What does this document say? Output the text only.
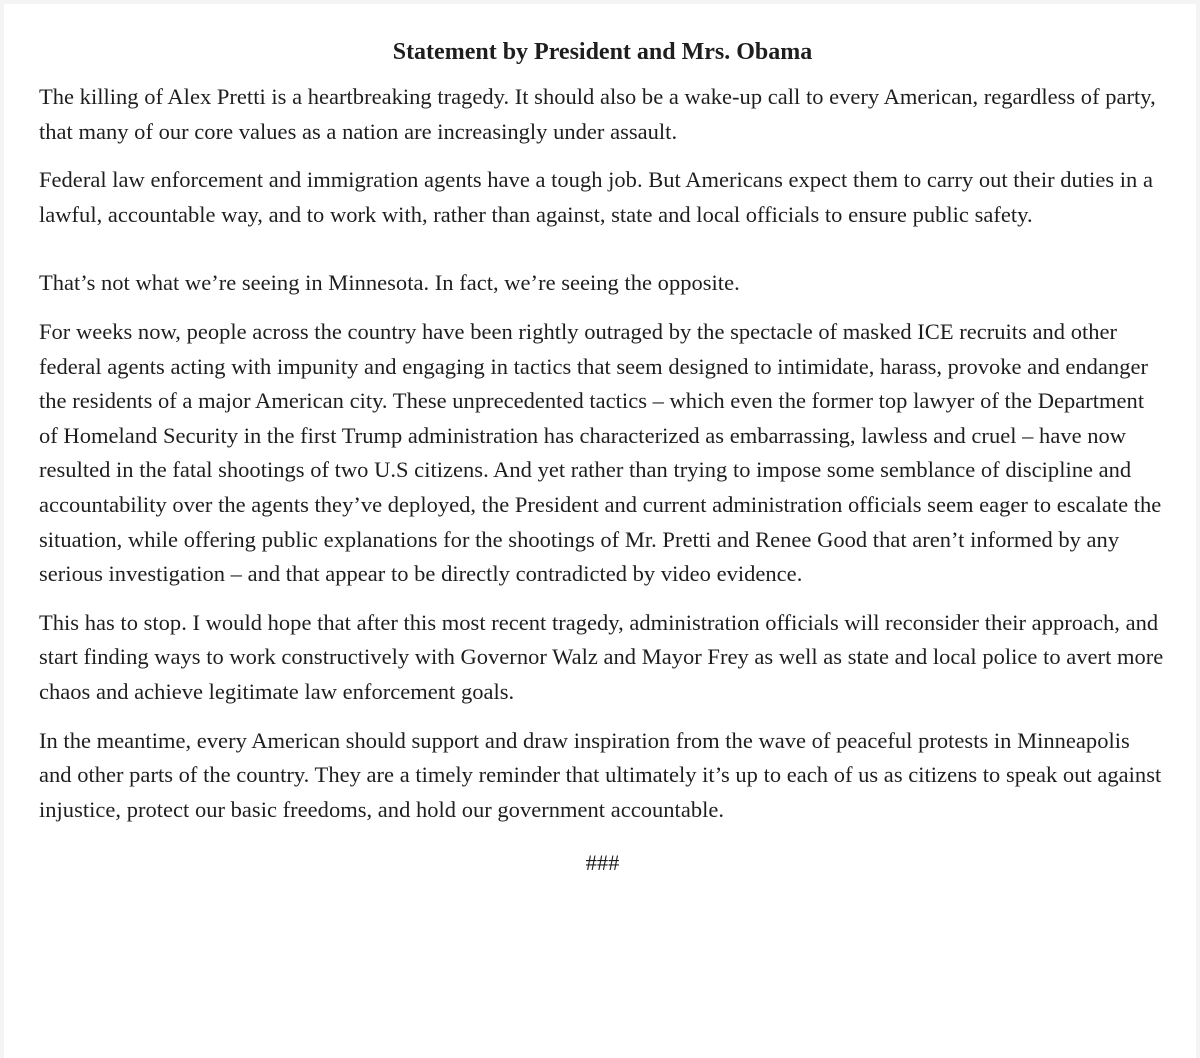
Statement by President and Mrs. Obama

The killing of Alex Pretti is a heartbreaking tragedy. It should also be a wake-up call to every American, regardless of party, that many of our core values as a nation are increasingly under assault.

Federal law enforcement and immigration agents have a tough job. But Americans expect them to carry out their duties in a lawful, accountable way, and to work with, rather than against, state and local officials to ensure public safety.

That’s not what we’re seeing in Minnesota. In fact, we’re seeing the opposite.

For weeks now, people across the country have been rightly outraged by the spectacle of masked ICE recruits and other federal agents acting with impunity and engaging in tactics that seem designed to intimidate, harass, provoke and endanger the residents of a major American city. These unprecedented tactics – which even the former top lawyer of the Department of Homeland Security in the first Trump administration has characterized as embarrassing, lawless and cruel – have now resulted in the fatal shootings of two U.S citizens. And yet rather than trying to impose some semblance of discipline and accountability over the agents they’ve deployed, the President and current administration officials seem eager to escalate the situation, while offering public explanations for the shootings of Mr. Pretti and Renee Good that aren’t informed by any serious investigation – and that appear to be directly contradicted by video evidence.

This has to stop. I would hope that after this most recent tragedy, administration officials will reconsider their approach, and start finding ways to work constructively with Governor Walz and Mayor Frey as well as state and local police to avert more chaos and achieve legitimate law enforcement goals.

In the meantime, every American should support and draw inspiration from the wave of peaceful protests in Minneapolis and other parts of the country. They are a timely reminder that ultimately it’s up to each of us as citizens to speak out against injustice, protect our basic freedoms, and hold our government accountable.

###
